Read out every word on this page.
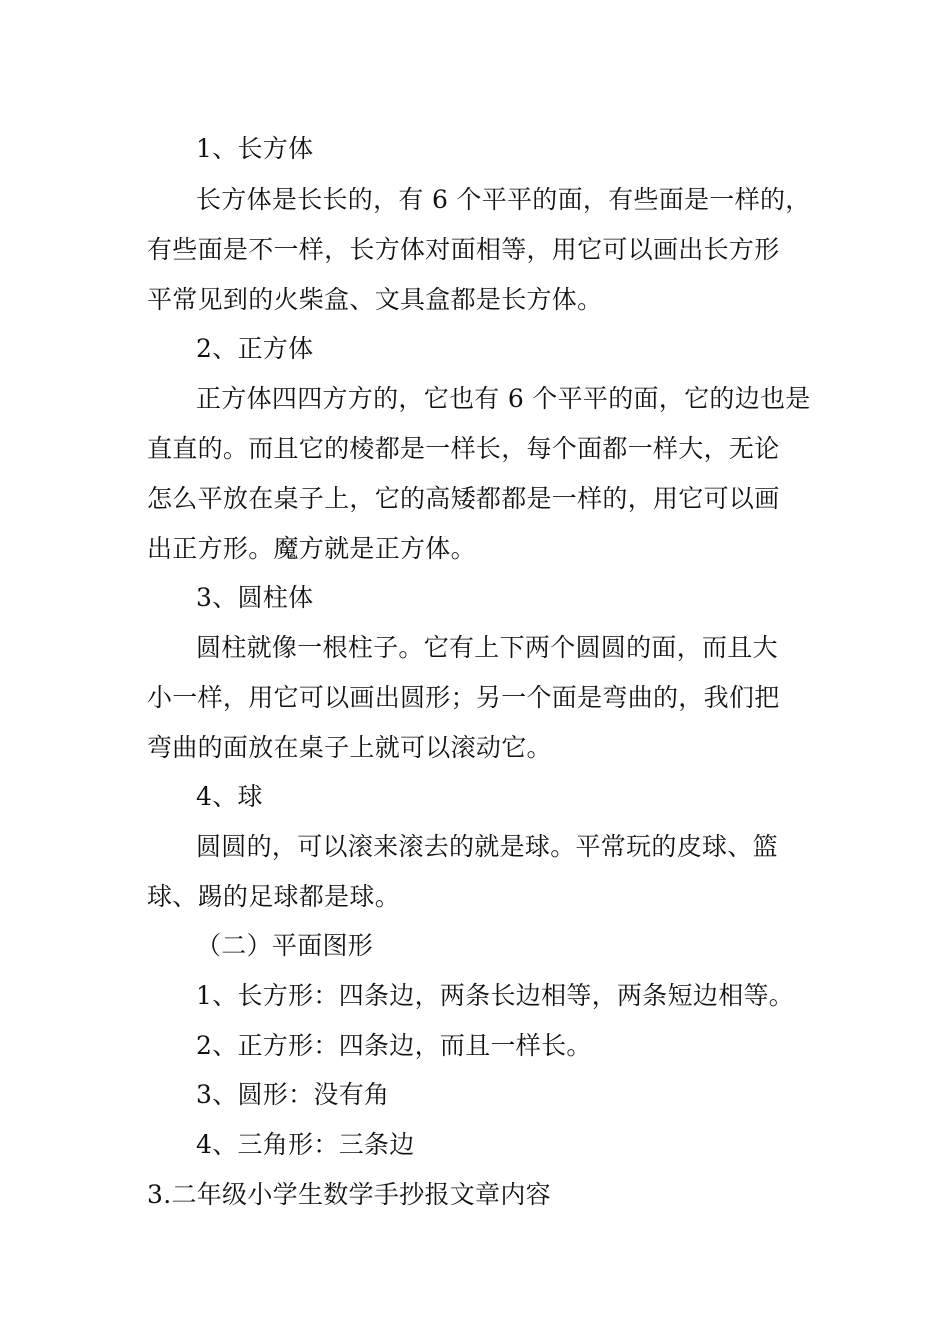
1、长方体
长方体是长长的，有 6 个平平的面，有些面是一样的，
有些面是不一样，长方体对面相等，用它可以画出长方形
平常见到的火柴盒、文具盒都是长方体。
2、正方体
正方体四四方方的，它也有 6 个平平的面，它的边也是
直直的。而且它的棱都是一样长，每个面都一样大，无论
怎么平放在桌子上，它的高矮都都是一样的，用它可以画
出正方形。魔方就是正方体。
3、圆柱体
圆柱就像一根柱子。它有上下两个圆圆的面，而且大
小一样，用它可以画出圆形；另一个面是弯曲的，我们把
弯曲的面放在桌子上就可以滚动它。
4、球
圆圆的，可以滚来滚去的就是球。平常玩的皮球、篮
球、踢的足球都是球。
（二）平面图形
1、长方形：四条边，两条长边相等，两条短边相等。
2、正方形：四条边，而且一样长。
3、圆形：没有角
4、三角形：三条边
3.二年级小学生数学手抄报文章内容
